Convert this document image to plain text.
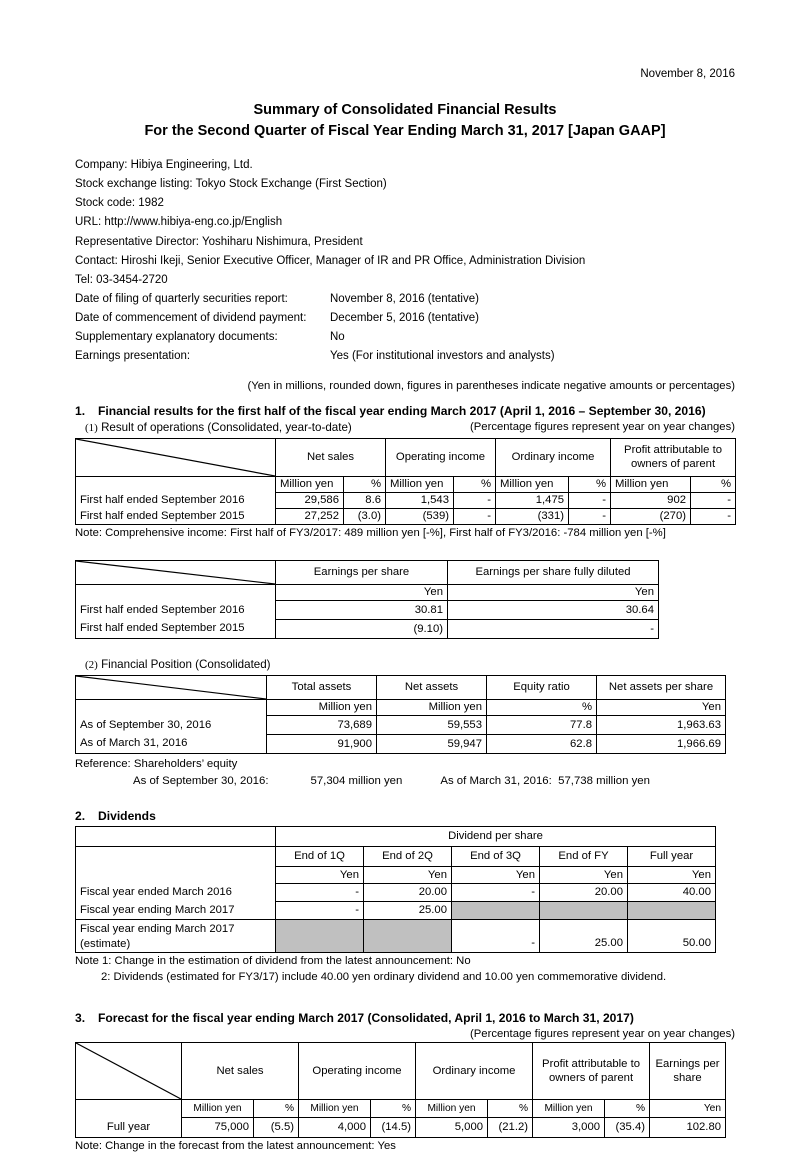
November 8, 2016
Summary of Consolidated Financial Results
For the Second Quarter of Fiscal Year Ending March 31, 2017 [Japan GAAP]
Company: Hibiya Engineering, Ltd.
Stock exchange listing: Tokyo Stock Exchange (First Section)
Stock code: 1982
URL: http://www.hibiya-eng.co.jp/English
Representative Director: Yoshiharu Nishimura, President
Contact: Hiroshi Ikeji, Senior Executive Officer, Manager of IR and PR Office, Administration Division
Tel: 03-3454-2720
Date of filing of quarterly securities report:	November 8, 2016 (tentative)
Date of commencement of dividend payment: December 5, 2016 (tentative)
Supplementary explanatory documents:	No
Earnings presentation:	Yes (For institutional investors and analysts)
(Yen in millions, rounded down, figures in parentheses indicate negative amounts or percentages)
1. Financial results for the first half of the fiscal year ending March 2017 (April 1, 2016 – September 30, 2016)
(1) Result of operations (Consolidated, year-to-date)	(Percentage figures represent year on year changes)
	Net sales		Operating income		Ordinary income		Profit attributable to owners of parent	
	Million yen	%	Million yen	%	Million yen	%	Million yen	%
First half ended September 2016	29,586	8.6	1,543	-	1,475	-	902	-
First half ended September 2015	27,252	(3.0)	(539)	-	(331)	-	(270)	-
Note: Comprehensive income: First half of FY3/2017: 489 million yen [-%], First half of FY3/2016: -784 million yen [-%]
	Earnings per share	Earnings per share fully diluted
	Yen	Yen
First half ended September 2016	30.81	30.64
First half ended September 2015	(9.10)	-
(2) Financial Position (Consolidated)
	Total assets	Net assets	Equity ratio	Net assets per share
	Million yen	Million yen	%	Yen
As of September 30, 2016	73,689	59,553	77.8	1,963.63
As of March 31, 2016	91,900	59,947	62.8	1,966.69
Reference: Shareholders’ equity
As of September 30, 2016:	57,304 million yen	As of March 31, 2016: 57,738 million yen
2. Dividends
	Dividend per share				
	End of 1Q	End of 2Q	End of 3Q	End of FY	Full year
	Yen	Yen	Yen	Yen	Yen
Fiscal year ended March 2016	-	20.00	-	20.00	40.00
Fiscal year ending March 2017	-	25.00			
Fiscal year ending March 2017
(estimate)			-	25.00	50.00
Note 1: Change in the estimation of dividend from the latest announcement: No
2: Dividends (estimated for FY3/17) include 40.00 yen ordinary dividend and 10.00 yen commemorative dividend.
3. Forecast for the fiscal year ending March 2017 (Consolidated, April 1, 2016 to March 31, 2017)
(Percentage figures represent year on year changes)
	Net sales		Operating income		Ordinary income		Profit attributable to owners of parent		Earnings per share
	Million yen	%	Million yen	%	Million yen	%	Million yen	%	Yen
Full year	75,000	(5.5)	4,000	(14.5)	5,000	(21.2)	3,000	(35.4)	102.80
Note: Change in the forecast from the latest announcement: Yes
